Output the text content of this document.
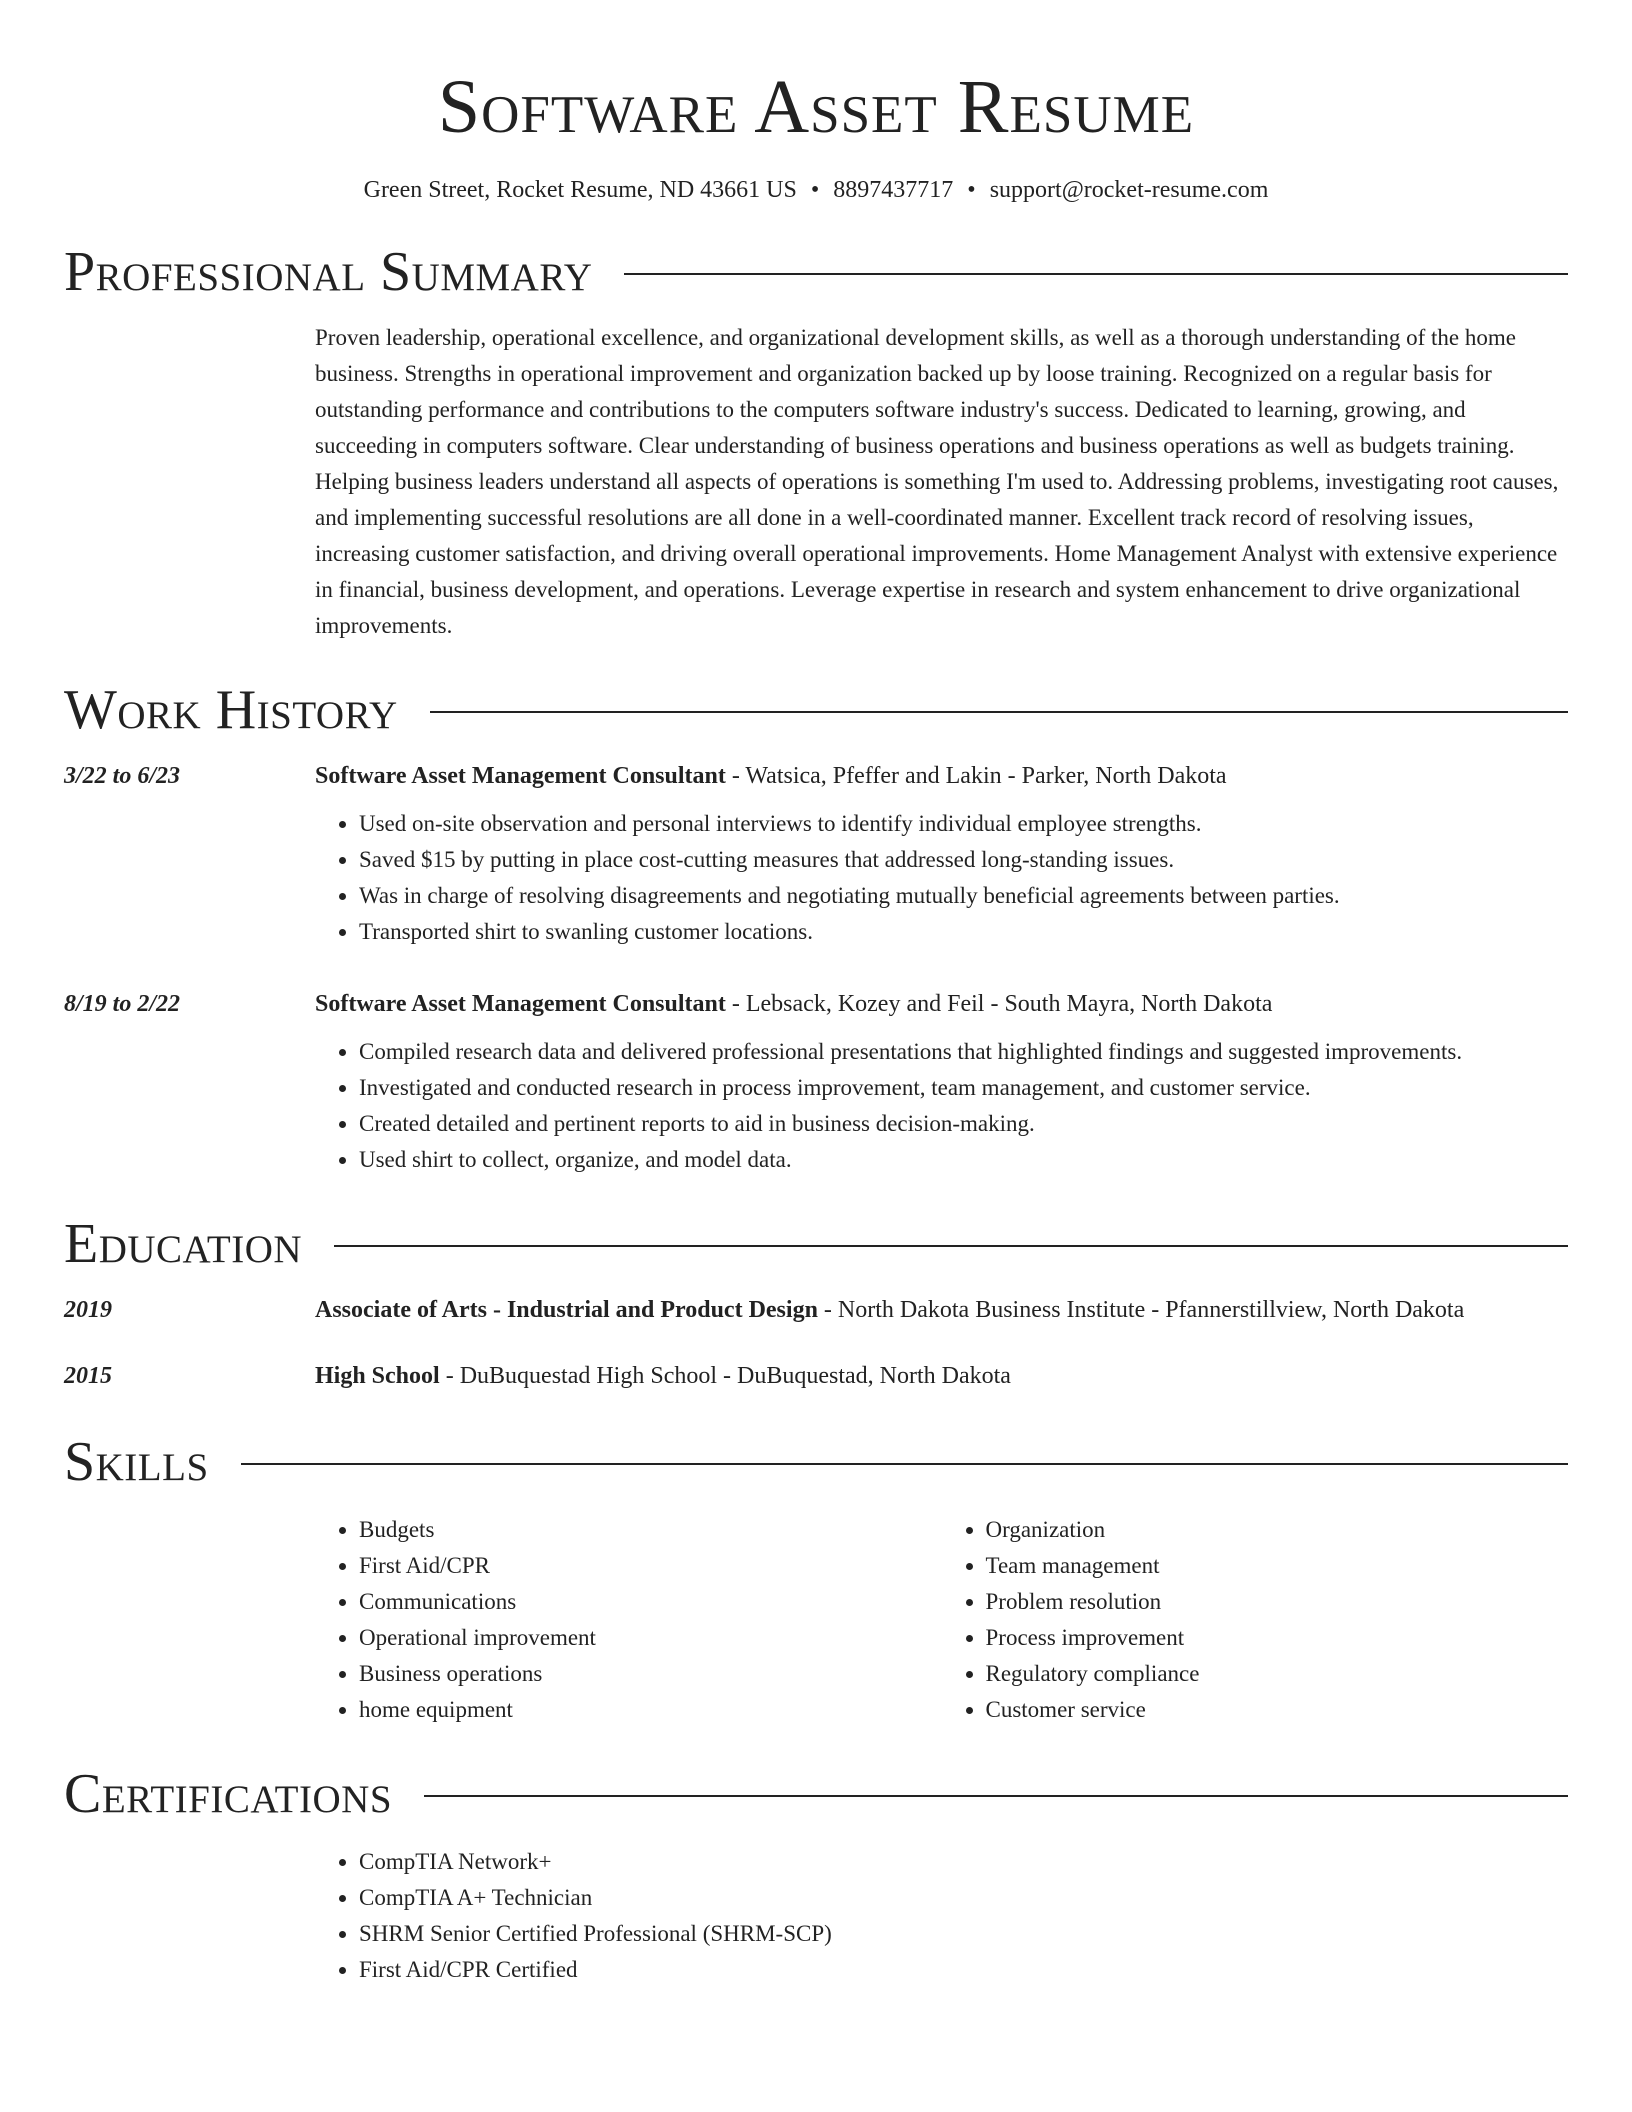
Software Asset Resume
Green Street, Rocket Resume, ND 43661 US • 8897437717 • support@rocket-resume.com
Professional Summary
Proven leadership, operational excellence, and organizational development skills, as well as a thorough understanding of the home business. Strengths in operational improvement and organization backed up by loose training. Recognized on a regular basis for outstanding performance and contributions to the computers software industry's success. Dedicated to learning, growing, and succeeding in computers software. Clear understanding of business operations and business operations as well as budgets training. Helping business leaders understand all aspects of operations is something I'm used to. Addressing problems, investigating root causes, and implementing successful resolutions are all done in a well-coordinated manner. Excellent track record of resolving issues, increasing customer satisfaction, and driving overall operational improvements. Home Management Analyst with extensive experience in financial, business development, and operations. Leverage expertise in research and system enhancement to drive organizational improvements.
Work History
3/22 to 6/23	Software Asset Management Consultant - Watsica, Pfeffer and Lakin - Parker, North Dakota
• Used on-site observation and personal interviews to identify individual employee strengths.
• Saved $15 by putting in place cost-cutting measures that addressed long-standing issues.
• Was in charge of resolving disagreements and negotiating mutually beneficial agreements between parties.
• Transported shirt to swanling customer locations.
8/19 to 2/22	Software Asset Management Consultant - Lebsack, Kozey and Feil - South Mayra, North Dakota
• Compiled research data and delivered professional presentations that highlighted findings and suggested improvements.
• Investigated and conducted research in process improvement, team management, and customer service.
• Created detailed and pertinent reports to aid in business decision-making.
• Used shirt to collect, organize, and model data.
Education
2019	Associate of Arts - Industrial and Product Design - North Dakota Business Institute - Pfannerstillview, North Dakota
2015	High School - DuBuquestad High School - DuBuquestad, North Dakota
Skills
• Budgets
• First Aid/CPR
• Communications
• Operational improvement
• Business operations
• home equipment
• Organization
• Team management
• Problem resolution
• Process improvement
• Regulatory compliance
• Customer service
Certifications
• CompTIA Network+
• CompTIA A+ Technician
• SHRM Senior Certified Professional (SHRM-SCP)
• First Aid/CPR Certified
